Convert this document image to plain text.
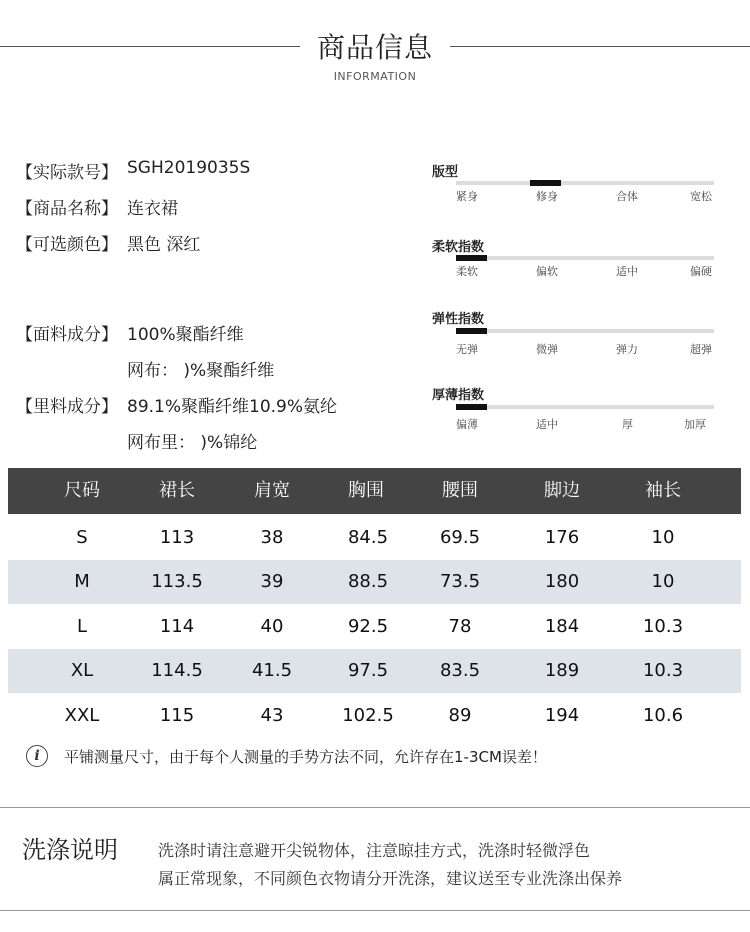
商品信息
INFORMATION
【实际款号】 SGH2019035S
【商品名称】 连衣裙
【可选颜色】 黑色 深红
【面料成分】 100%聚酯纤维
网布： )%聚酯纤维
【里料成分】 89.1%聚酯纤维10.9%氨纶
网布里： )%锦纶
版型
紧身	修身	合体	宽松
柔软指数
柔软	偏软	适中	偏硬
弹性指数
无弹	微弹	弹力	超弹
厚薄指数
偏薄	适中	厚	加厚
尺码	裙长	肩宽	胸围	腰围	脚边	袖长
S	113	38	84.5	69.5	176	10
M	113.5	39	88.5	73.5	180	10
L	114	40	92.5	78	184	10.3
XL	114.5	41.5	97.5	83.5	189	10.3
XXL	115	43	102.5	89	194	10.6
i	平铺测量尺寸，由于每个人测量的手势方法不同，允许存在1-3CM误差！
洗涤说明	洗涤时请注意避开尖锐物体，注意晾挂方式，洗涤时轻微浮色
属正常现象，不同颜色衣物请分开洗涤，建议送至专业洗涤出保养
